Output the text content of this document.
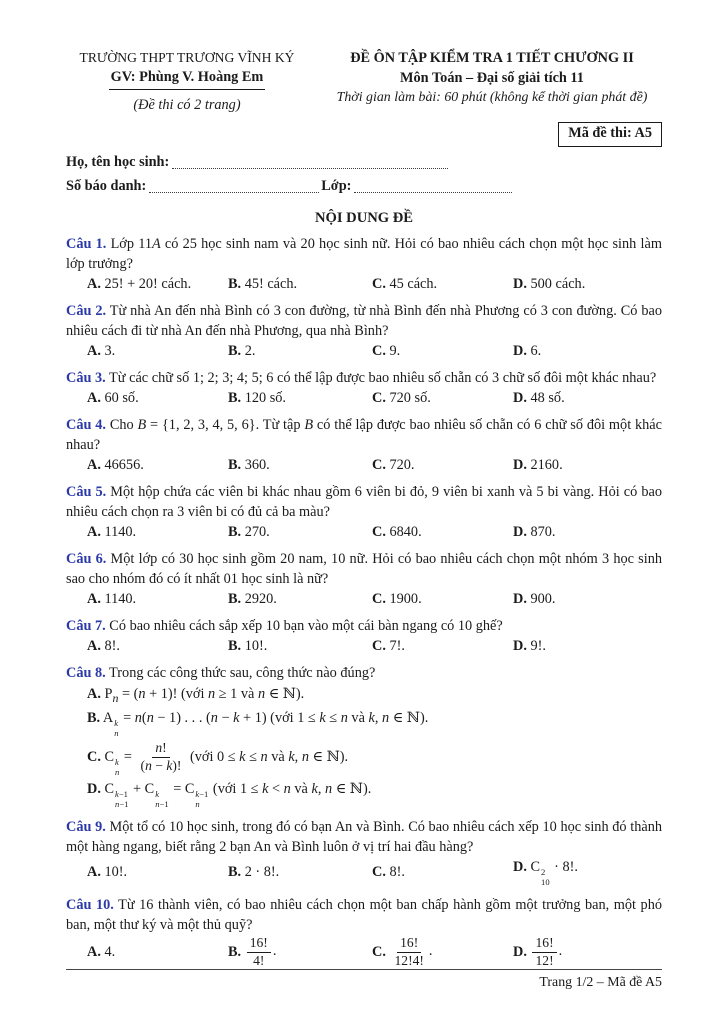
TRƯỜNG THPT TRƯƠNG VĨNH KÝ
GV: Phùng V. Hoàng Em
(Đề thi có 2 trang)
ĐỀ ÔN TẬP KIỂM TRA 1 TIẾT CHƯƠNG II
Môn Toán – Đại số giải tích 11
Thời gian làm bài: 60 phút (không kể thời gian phát đề)
Mã đề thi: A5
Họ, tên học sinh:
Số báo danh:	Lớp:
NỘI DUNG ĐỀ

Câu 1. Lớp 11A có 25 học sinh nam và 20 học sinh nữ. Hỏi có bao nhiêu cách chọn một học sinh làm lớp trưởng?

A. 25! + 20! cách.	B. 45! cách.	C. 45 cách.	D. 500 cách.

Câu 2. Từ nhà An đến nhà Bình có 3 con đường, từ nhà Bình đến nhà Phương có 3 con đường. Có bao nhiêu cách đi từ nhà An đến nhà Phương, qua nhà Bình?

A. 3.	B. 2.	C. 9.	D. 6.

Câu 3. Từ các chữ số 1; 2; 3; 4; 5; 6 có thể lập được bao nhiêu số chẵn có 3 chữ số đôi một khác nhau?

A. 60 số.	B. 120 số.	C. 720 số.	D. 48 số.

Câu 4. Cho B = {1, 2, 3, 4, 5, 6}. Từ tập B có thể lập được bao nhiêu số chẵn có 6 chữ số đôi một khác nhau?

A. 46656.	B. 360.	C. 720.	D. 2160.

Câu 5. Một hộp chứa các viên bi khác nhau gồm 6 viên bi đỏ, 9 viên bi xanh và 5 bi vàng. Hỏi có bao nhiêu cách chọn ra 3 viên bi có đủ cả ba màu?

A. 1140.	B. 270.	C. 6840.	D. 870.

Câu 6. Một lớp có 30 học sinh gồm 20 nam, 10 nữ. Hỏi có bao nhiêu cách chọn một nhóm 3 học sinh sao cho nhóm đó có ít nhất 01 học sinh là nữ?

A. 1140.	B. 2920.	C. 1900.	D. 900.

Câu 7. Có bao nhiêu cách sắp xếp 10 bạn vào một cái bàn ngang có 10 ghế?

A. 8!.	B. 10!.	C. 7!.	D. 9!.

Câu 8. Trong các công thức sau, công thức nào đúng?

A. $P_n = (n + 1)$! (với n ≥ 1 và n ∈ ℕ).
B. A k
n
= n(n − 1) . . . (n − k + 1) (với 1 ≤ k ≤ n và k, n ∈ ℕ).
C. C k
n
= $\frac{n!}{(n - k)!}$ (với 0 ≤ k ≤ n và k, n ∈ ℕ).
D. C k−1
n−1
+ C k
n−1
= C k−1
n
(với 1 ≤ k < n và k, n ∈ ℕ).

Câu 9. Một tổ có 10 học sinh, trong đó có bạn An và Bình. Có bao nhiêu cách xếp 10 học sinh đó thành một hàng ngang, biết rằng 2 bạn An và Bình luôn ở vị trí hai đầu hàng?

A. 10!.	B. 2 · 8!.	C. 8!.	D. C 2
10
· 8!.

Câu 10. Từ 16 thành viên, có bao nhiêu cách chọn một ban chấp hành gồm một trưởng ban, một phó ban, một thư ký và một thủ quỹ?

A. 4.	B. $\frac{16!}{4!}$ .	C. $\frac{16!}{12!4!}$ .	D. $\frac{16!}{12!}$ .
Trang 1/2 – Mã đề A5
